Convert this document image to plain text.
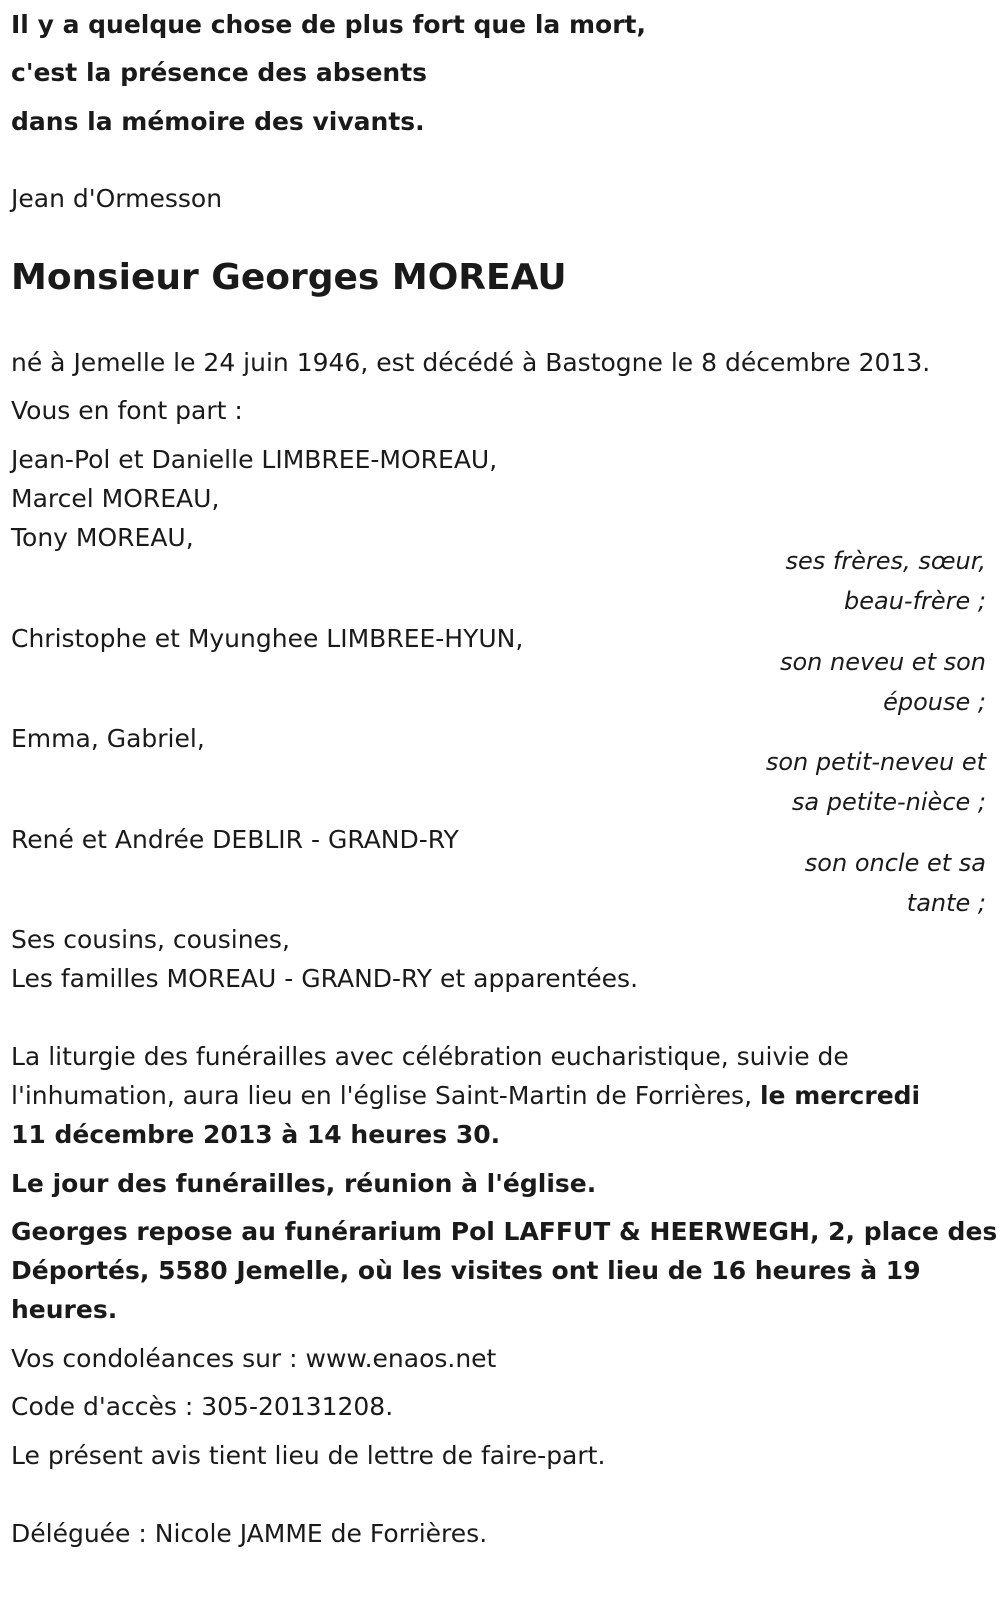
Il y a quelque chose de plus fort que la mort,
c'est la présence des absents
dans la mémoire des vivants.
Jean d'Ormesson
Monsieur Georges MOREAU
né à Jemelle le 24 juin 1946, est décédé à Bastogne le 8 décembre 2013.
Vous en font part :
Jean-Pol et Danielle LIMBREE-MOREAU,
Marcel MOREAU,
Tony MOREAU,
ses frères, sœur,
beau-frère ;
Christophe et Myunghee LIMBREE-HYUN,
son neveu et son
épouse ;
Emma, Gabriel,
son petit-neveu et
sa petite-nièce ;
René et Andrée DEBLIR - GRAND-RY
son oncle et sa
tante ;
Ses cousins, cousines,
Les familles MOREAU - GRAND-RY et apparentées.
La liturgie des funérailles avec célébration eucharistique, suivie de
l'inhumation, aura lieu en l'église Saint-Martin de Forrières, le mercredi
11 décembre 2013 à 14 heures 30.
Le jour des funérailles, réunion à l'église.
Georges repose au funérarium Pol LAFFUT & HEERWEGH, 2, place des
Déportés, 5580 Jemelle, où les visites ont lieu de 16 heures à 19
heures.
Vos condoléances sur : www.enaos.net
Code d'accès : 305-20131208.
Le présent avis tient lieu de lettre de faire-part.
Déléguée : Nicole JAMME de Forrières.
